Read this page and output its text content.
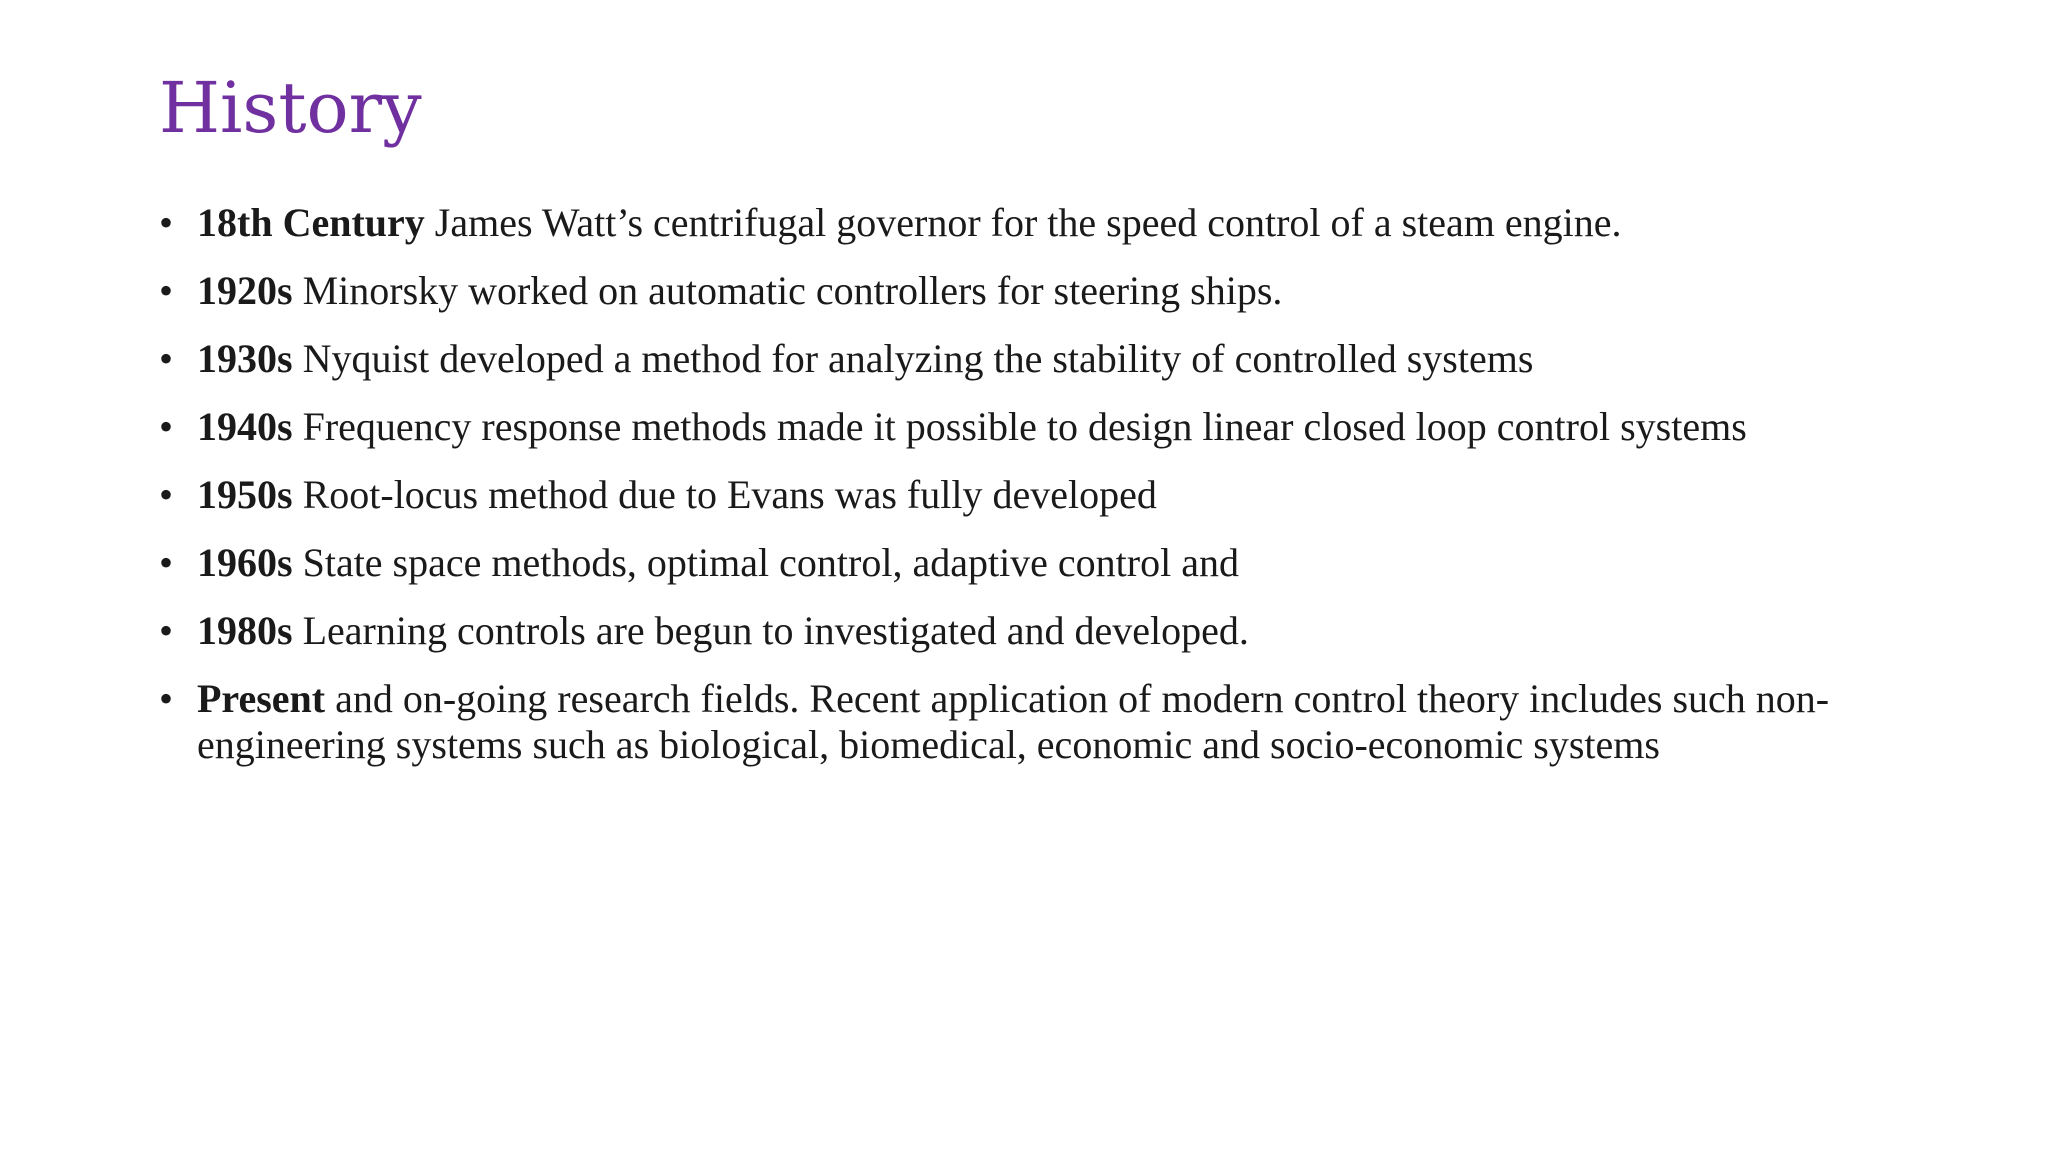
History
• 18th Century James Watt’s centrifugal governor for the speed control of a steam engine.
• 1920s Minorsky worked on automatic controllers for steering ships.
• 1930s Nyquist developed a method for analyzing the stability of controlled systems
• 1940s Frequency response methods made it possible to design linear closed loop control systems
• 1950s Root-locus method due to Evans was fully developed
• 1960s State space methods, optimal control, adaptive control and
• 1980s Learning controls are begun to investigated and developed.
• Present and on-going research fields. Recent application of modern control theory includes such non-engineering systems such as biological, biomedical, economic and socio-economic systems
